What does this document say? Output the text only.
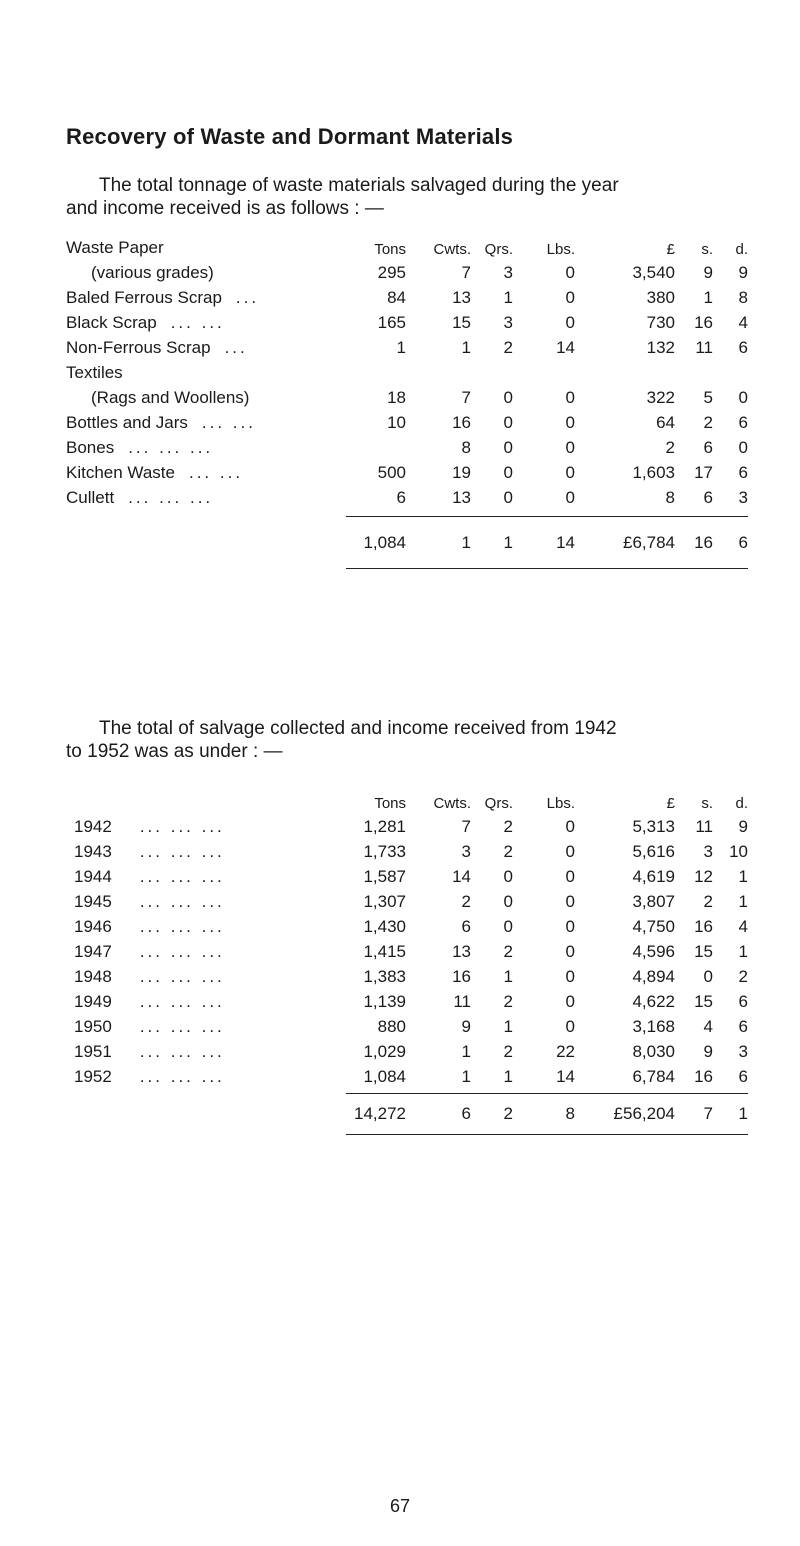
Recovery of Waste and Dormant Materials

The total tonnage of waste materials salvaged during the year
and income received is as follows : —

Waste Paper	Tons	Cwts.	Qrs.	Lbs.	£	s.	d.
(various grades)	295	7	3	0	3,540	9	9
Baled Ferrous Scrap ...	84	13	1	0	380	1	8
Black Scrap ... ...	165	15	3	0	730	16	4
Non-Ferrous Scrap ...	1	1	2	14	132	11	6
Textiles							
(Rags and Woollens)	18	7	0	0	322	5	0
Bottles and Jars ... ...	10	16	0	0	64	2	6
Bones ... ... ...		8	0	0	2	6	0
Kitchen Waste ... ...	500	19	0	0	1,603	17	6
Cullett ... ... ...	6	13	0	0	8	6	3

	1,084	1	1	14	£6,784	16	6

The total of salvage collected and income received from 1942
to 1952 was as under : —

	Tons	Cwts.	Qrs.	Lbs.	£	s.	d.
1942 ... ... ...	1,281	7	2	0	5,313	11	9
1943 ... ... ...	1,733	3	2	0	5,616	3	10
1944 ... ... ...	1,587	14	0	0	4,619	12	1
1945 ... ... ...	1,307	2	0	0	3,807	2	1
1946 ... ... ...	1,430	6	0	0	4,750	16	4
1947 ... ... ...	1,415	13	2	0	4,596	15	1
1948 ... ... ...	1,383	16	1	0	4,894	0	2
1949 ... ... ...	1,139	11	2	0	4,622	15	6
1950 ... ... ...	880	9	1	0	3,168	4	6
1951 ... ... ...	1,029	1	2	22	8,030	9	3
1952 ... ... ...	1,084	1	1	14	6,784	16	6

	14,272	6	2	8	£56,204	7	1
67
